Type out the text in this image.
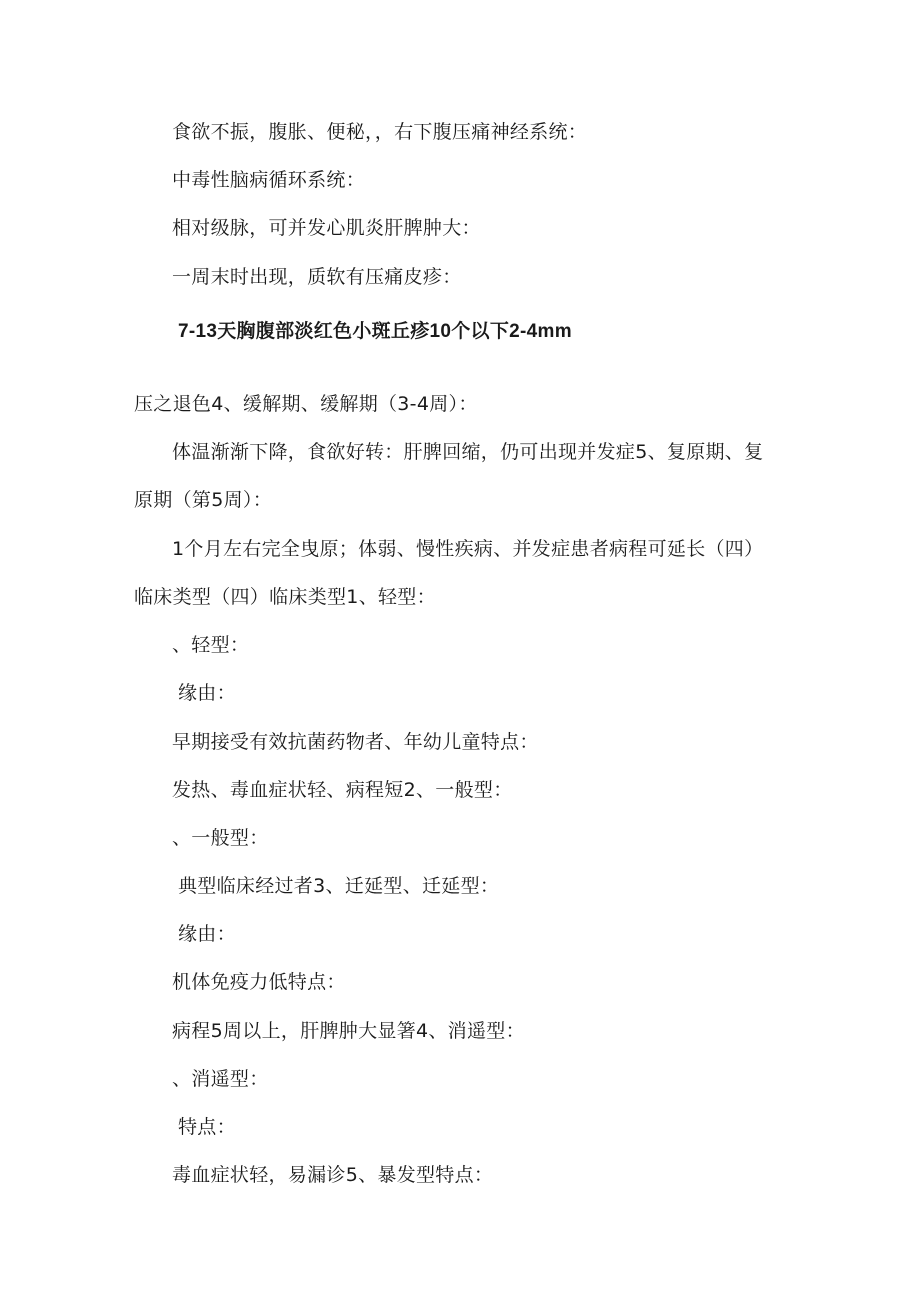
食欲不振，腹胀、便秘，，右下腹压痛神经系统：
中毒性脑病循环系统：
相对级脉，可并发心肌炎肝脾肿大：
一周末时出现，质软有压痛皮疹：
7-13天胸腹部淡红色小斑丘疹10个以下2-4mm
压之退色4、缓解期、缓解期（3-4周）：
体温渐渐下降，食欲好转：肝脾回缩，仍可出现并发症5、复原期、复
原期（第5周）：
1个月左右完全曳原；体弱、慢性疾病、并发症患者病程可延长（四）
临床类型（四）临床类型1、轻型：
、轻型：
缘由：
早期接受有效抗菌药物者、年幼儿童特点：
发热、毒血症状轻、病程短2、一般型：
、一般型：
典型临床经过者3、迁延型、迁延型：
缘由：
机体免疫力低特点：
病程5周以上，肝脾肿大显箸4、消遥型：
、消遥型：
特点：
毒血症状轻，易漏诊5、暴发型特点：
